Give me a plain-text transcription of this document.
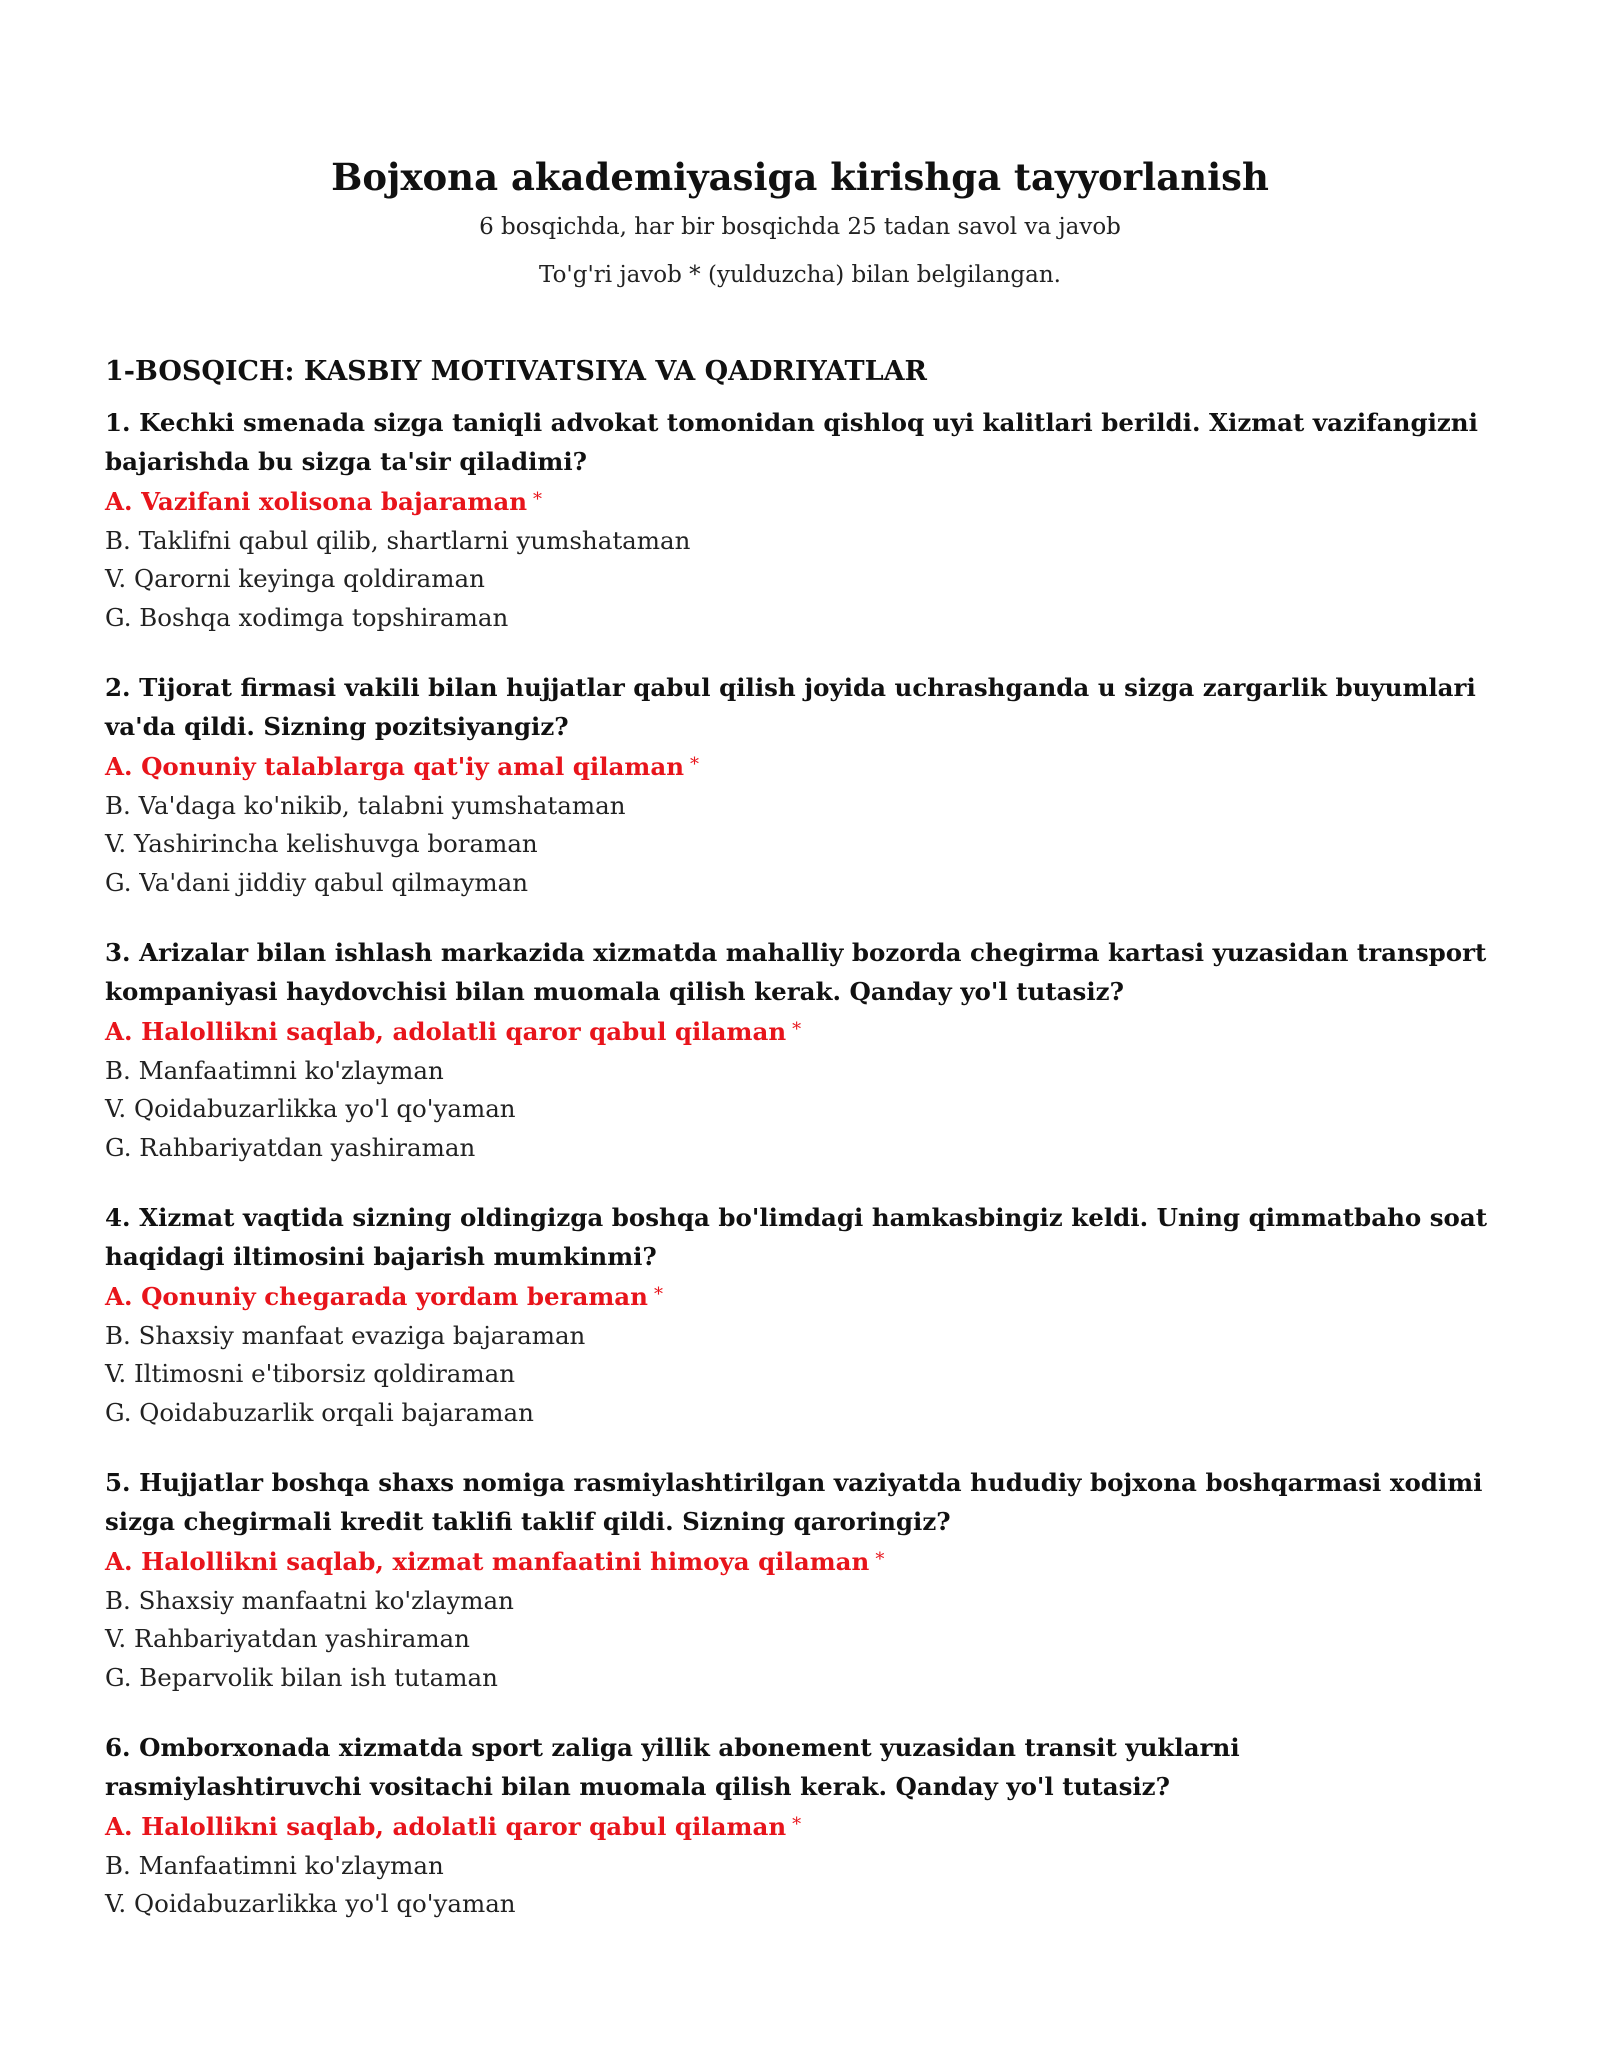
Bojxona akademiyasiga kirishga tayyorlanish

6 bosqichda, har bir bosqichda 25 tadan savol va javob

To'g'ri javob * (yulduzcha) bilan belgilangan.

1-BOSQICH: KASBIY MOTIVATSIYA VA QADRIYATLAR

1. Kechki smenada sizga taniqli advokat tomonidan qishloq uyi kalitlari berildi. Xizmat vazifangizni bajarishda bu sizga ta'sir qiladimi?

A. Vazifani xolisona bajaraman *

B. Taklifni qabul qilib, shartlarni yumshataman

V. Qarorni keyinga qoldiraman

G. Boshqa xodimga topshiraman

2. Tijorat firmasi vakili bilan hujjatlar qabul qilish joyida uchrashganda u sizga zargarlik buyumlari va'da qildi. Sizning pozitsiyangiz?

A. Qonuniy talablarga qat'iy amal qilaman *

B. Va'daga ko'nikib, talabni yumshataman

V. Yashirincha kelishuvga boraman

G. Va'dani jiddiy qabul qilmayman

3. Arizalar bilan ishlash markazida xizmatda mahalliy bozorda chegirma kartasi yuzasidan transport kompaniyasi haydovchisi bilan muomala qilish kerak. Qanday yo'l tutasiz?

A. Halollikni saqlab, adolatli qaror qabul qilaman *

B. Manfaatimni ko'zlayman

V. Qoidabuzarlikka yo'l qo'yaman

G. Rahbariyatdan yashiraman

4. Xizmat vaqtida sizning oldingizga boshqa bo'limdagi hamkasbingiz keldi. Uning qimmatbaho soat haqidagi iltimosini bajarish mumkinmi?

A. Qonuniy chegarada yordam beraman *

B. Shaxsiy manfaat evaziga bajaraman

V. Iltimosni e'tiborsiz qoldiraman

G. Qoidabuzarlik orqali bajaraman

5. Hujjatlar boshqa shaxs nomiga rasmiylashtirilgan vaziyatda hududiy bojxona boshqarmasi xodimi sizga chegirmali kredit taklifi taklif qildi. Sizning qaroringiz?

A. Halollikni saqlab, xizmat manfaatini himoya qilaman *

B. Shaxsiy manfaatni ko'zlayman

V. Rahbariyatdan yashiraman

G. Beparvolik bilan ish tutaman

6. Omborxonada xizmatda sport zaliga yillik abonement yuzasidan transit yuklarni rasmiylashtiruvchi vositachi bilan muomala qilish kerak. Qanday yo'l tutasiz?

A. Halollikni saqlab, adolatli qaror qabul qilaman *

B. Manfaatimni ko'zlayman

V. Qoidabuzarlikka yo'l qo'yaman
